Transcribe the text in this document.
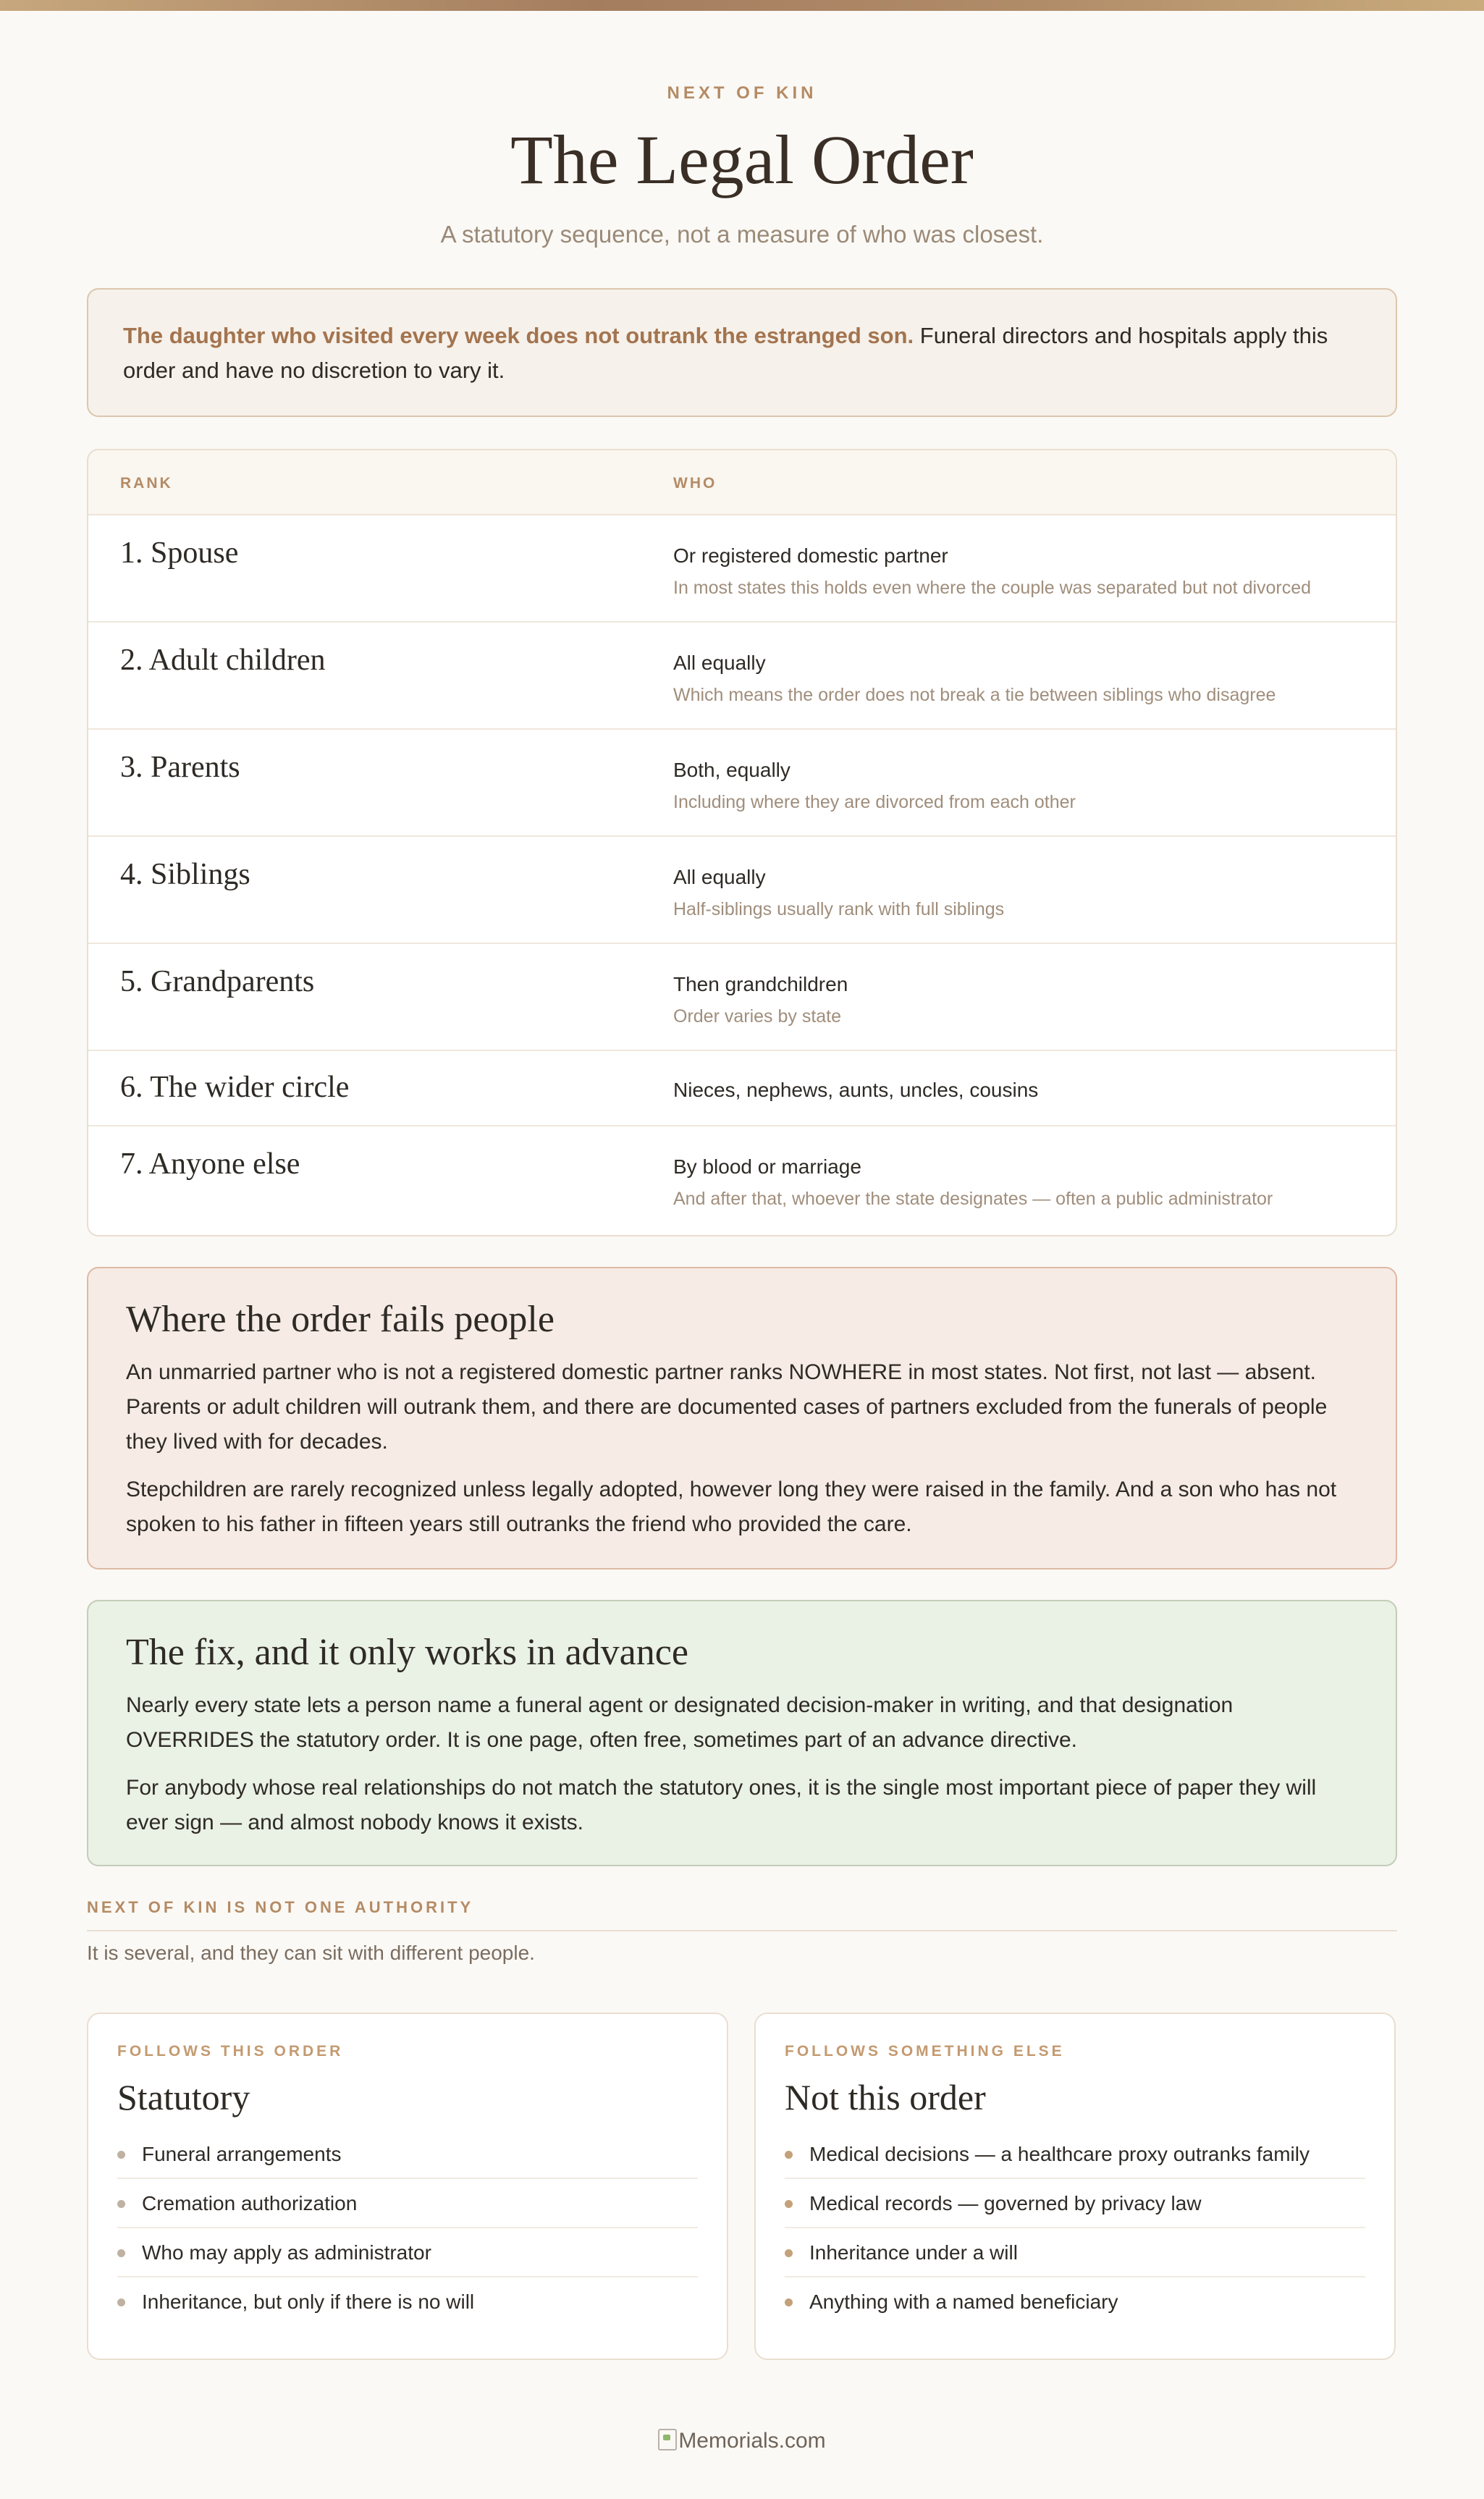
NEXT OF KIN
The Legal Order
A statutory sequence, not a measure of who was closest.
The daughter who visited every week does not outrank the estranged son. Funeral directors and hospitals apply this order and have no discretion to vary it.
RANK	WHO
1. Spouse	Or registered domestic partner
In most states this holds even where the couple was separated but not divorced
2. Adult children	All equally
Which means the order does not break a tie between siblings who disagree
3. Parents	Both, equally
Including where they are divorced from each other
4. Siblings	All equally
Half-siblings usually rank with full siblings
5. Grandparents	Then grandchildren
Order varies by state
6. The wider circle	Nieces, nephews, aunts, uncles, cousins
7. Anyone else	By blood or marriage
And after that, whoever the state designates — often a public administrator
Where the order fails people

An unmarried partner who is not a registered domestic partner ranks NOWHERE in most states. Not first, not last — absent. Parents or adult children will outrank them, and there are documented cases of partners excluded from the funerals of people they lived with for decades.

Stepchildren are rarely recognized unless legally adopted, however long they were raised in the family. And a son who has not spoken to his father in fifteen years still outranks the friend who provided the care.

The fix, and it only works in advance

Nearly every state lets a person name a funeral agent or designated decision-maker in writing, and that designation OVERRIDES the statutory order. It is one page, often free, sometimes part of an advance directive.

For anybody whose real relationships do not match the statutory ones, it is the single most important piece of paper they will ever sign — and almost nobody knows it exists.

NEXT OF KIN IS NOT ONE AUTHORITY
It is several, and they can sit with different people.
FOLLOWS THIS ORDER
Statutory
Funeral arrangements
Cremation authorization
Who may apply as administrator
Inheritance, but only if there is no will
FOLLOWS SOMETHING ELSE
Not this order
Medical decisions — a healthcare proxy outranks family
Medical records — governed by privacy law
Inheritance under a will
Anything with a named beneficiary
Memorials.com
